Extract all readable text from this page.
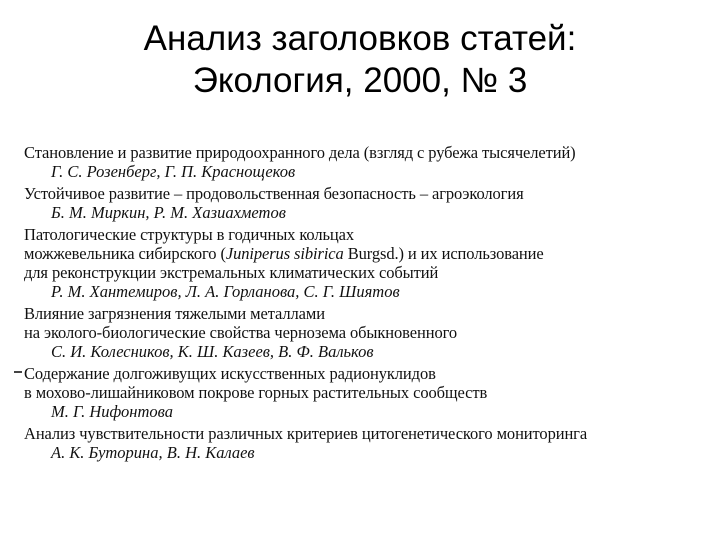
Анализ заголовков статей:
Экология, 2000, № 3
Становление и развитие природоохранного дела (взгляд с рубежа тысячелетий)
Г. С. Розенберг, Г. П. Краснощеков
Устойчивое развитие – продовольственная безопасность – агроэкология
Б. М. Миркин, Р. М. Хазиахметов
Патологические структуры в годичных кольцах
можжевельника сибирского (Juniperus sibirica Burgsd.) и их использование
для реконструкции экстремальных климатических событий
Р. М. Хантемиров, Л. А. Горланова, С. Г. Шиятов
Влияние загрязнения тяжелыми металлами
на эколого-биологические свойства чернозема обыкновенного
С. И. Колесников, К. Ш. Казеев, В. Ф. Вальков
Содержание долгоживущих искусственных радионуклидов
в мохово-лишайниковом покрове горных растительных сообществ
М. Г. Нифонтова
Анализ чувствительности различных критериев цитогенетического мониторинга
А. К. Буторина, В. Н. Калаев
